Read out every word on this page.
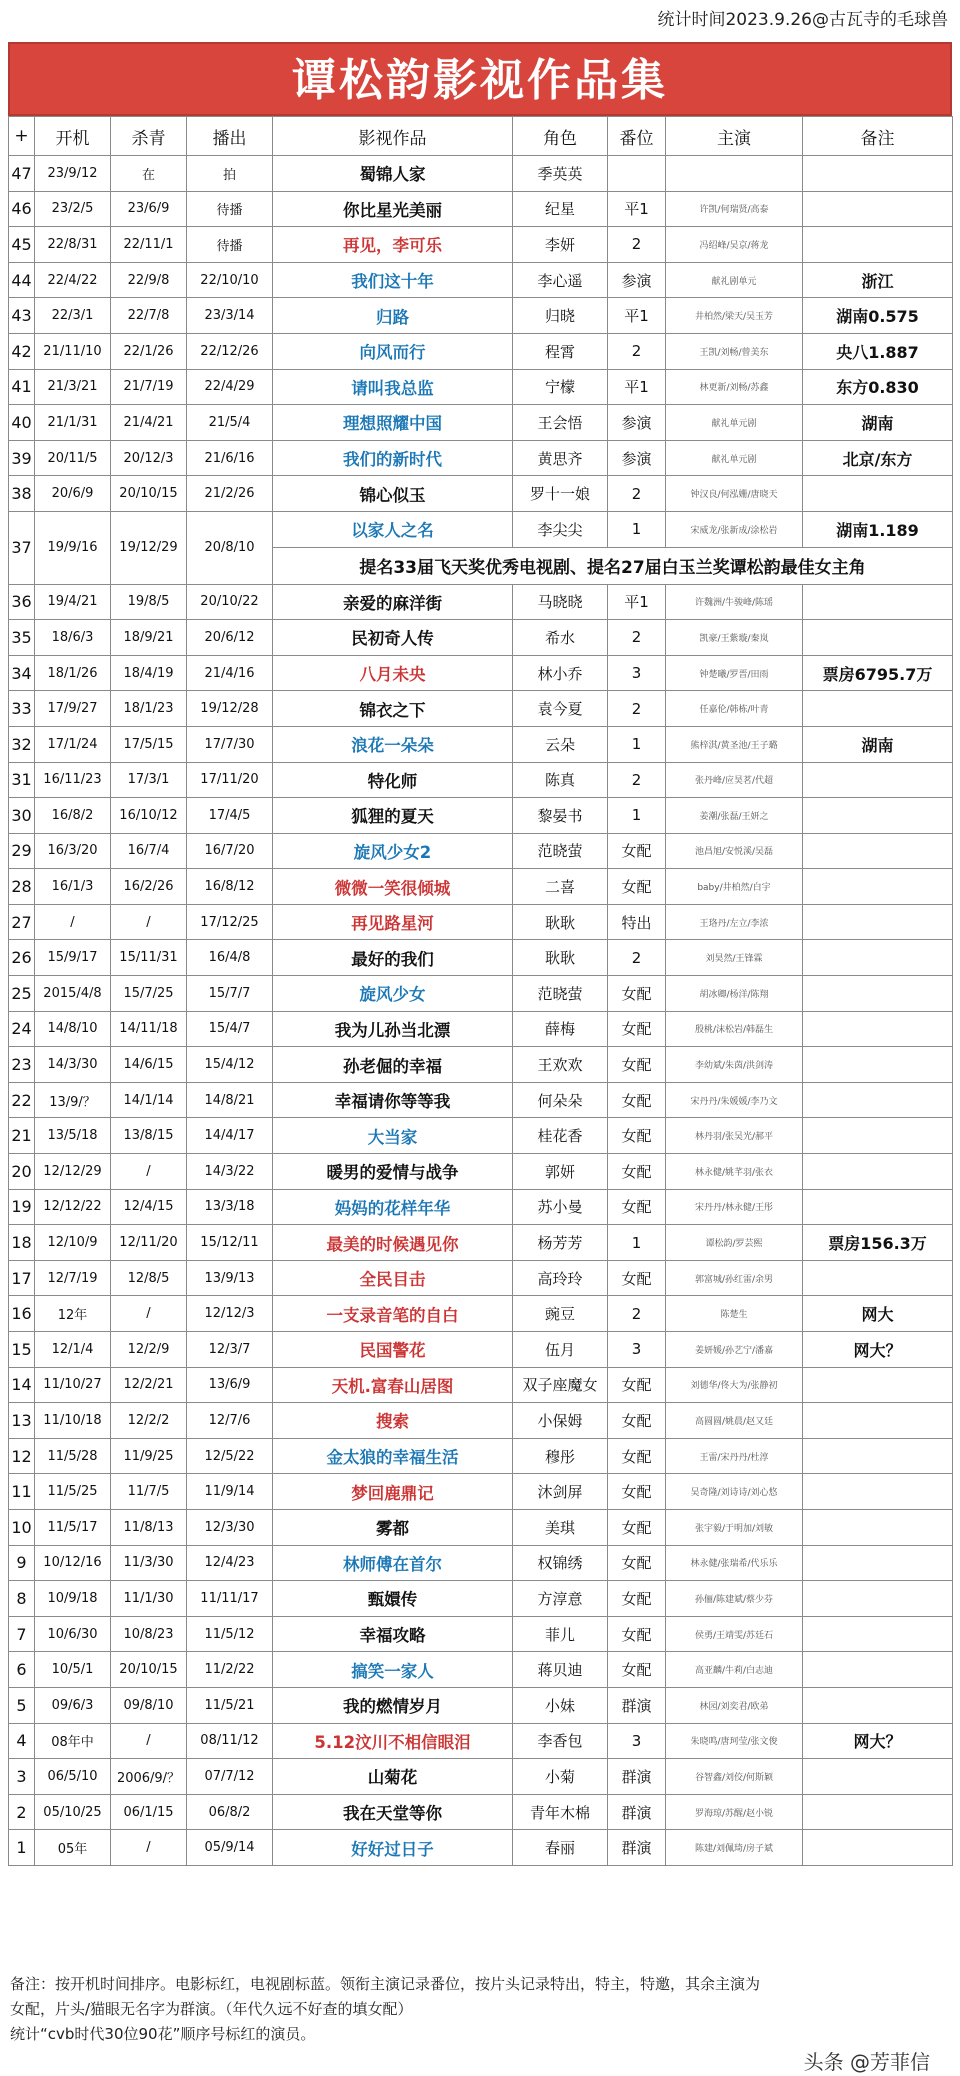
统计时间2023.9.26@古瓦寺的毛球兽
谭松韵影视作品集
+	开机	杀青	播出	影视作品	角色	番位	主演	备注
47	23/9/12	在	拍	蜀锦人家	季英英			
46	23/2/5	23/6/9	待播	你比星光美丽	纪星	平1	许凯/何瑞贤/高泰	
45	22/8/31	22/11/1	待播	再见，李可乐	李妍	2	冯绍峰/吴京/蒋龙	
44	22/4/22	22/9/8	22/10/10	我们这十年	李心遥	参演	献礼剧单元	浙江
43	22/3/1	22/7/8	23/3/14	归路	归晓	平1	井柏然/梁天/吴玉芳	湖南0.575
42	21/11/10	22/1/26	22/12/26	向风而行	程霄	2	王凯/刘畅/曾美东	央八1.887
41	21/3/21	21/7/19	22/4/29	请叫我总监	宁檬	平1	林更新/刘畅/苏鑫	东方0.830
40	21/1/31	21/4/21	21/5/4	理想照耀中国	王会悟	参演	献礼单元剧	湖南
39	20/11/5	20/12/3	21/6/16	我们的新时代	黄思齐	参演	献礼单元剧	北京/东方
38	20/6/9	20/10/15	21/2/26	锦心似玉	罗十一娘	2	钟汉良/何泓姗/唐晓天	
37	19/9/16	19/12/29	20/8/10	以家人之名	李尖尖	1	宋威龙/张新成/涂松岩	湖南1.189
				提名33届飞天奖优秀电视剧、提名27届白玉兰奖谭松韵最佳女主角				
36	19/4/21	19/8/5	20/10/22	亲爱的麻洋街	马晓晓	平1	许魏洲/牛骏峰/陈瑶	
35	18/6/3	18/9/21	20/6/12	民初奇人传	希水	2	凯豪/王紫璇/秦岚	
34	18/1/26	18/4/19	21/4/16	八月未央	林小乔	3	钟楚曦/罗晋/田雨	票房6795.7万
33	17/9/27	18/1/23	19/12/28	锦衣之下	袁今夏	2	任嘉伦/韩栋/叶青	
32	17/1/24	17/5/15	17/7/30	浪花一朵朵	云朵	1	熊梓淇/黄圣池/王子璐	湖南
31	16/11/23	17/3/1	17/11/20	特化师	陈真	2	张丹峰/应昊茗/代超	
30	16/8/2	16/10/12	17/4/5	狐狸的夏天	黎晏书	1	姜潮/张磊/王妍之	
29	16/3/20	16/7/4	16/7/20	旋风少女2	范晓萤	女配	池昌旭/安悦溪/吴磊	
28	16/1/3	16/2/26	16/8/12	微微一笑很倾城	二喜	女配	baby/井柏然/白宇	
27	/	/	17/12/25	再见路星河	耿耿	特出	王珞丹/左立/李浓	
26	15/9/17	15/11/31	16/4/8	最好的我们	耿耿	2	刘昊然/王锋霖	
25	2015/4/8	15/7/25	15/7/7	旋风少女	范晓萤	女配	胡冰卿/杨洋/陈翔	
24	14/8/10	14/11/18	15/4/7	我为儿孙当北漂	薛梅	女配	殷桃/沫松岩/韩磊生	
23	14/3/30	14/6/15	15/4/12	孙老倔的幸福	王欢欢	女配	李幼斌/朱茵/洪剑涛	
22	13/9/？	14/1/14	14/8/21	幸福请你等等我	何朵朵	女配	宋丹丹/朱媛媛/李乃文	
21	13/5/18	13/8/15	14/4/17	大当家	桂花香	女配	林丹羽/张吴光/郝平	
20	12/12/29	/	14/3/22	暖男的爱情与战争	郭妍	女配	林永健/姚芊羽/张衣	
19	12/12/22	12/4/15	13/3/18	妈妈的花样年华	苏小曼	女配	宋丹丹/林永健/王彤	
18	12/10/9	12/11/20	15/12/11	最美的时候遇见你	杨芳芳	1	谭松韵/罗芸熙	票房156.3万
17	12/7/19	12/8/5	13/9/13	全民目击	高玲玲	女配	郭富城/孙红雷/余男	
16	12年	/	12/12/3	一支录音笔的自白	豌豆	2	陈楚生	网大
15	12/1/4	12/2/9	12/3/7	民国警花	伍月	3	姜妍媛/孙艺宁/潘嘉	网大？
14	11/10/27	12/2/21	13/6/9	天机.富春山居图	双子座魔女	女配	刘德华/佟大为/张静初	
13	11/10/18	12/2/2	12/7/6	搜索	小保姆	女配	高圆圆/姚晨/赵又廷	
12	11/5/28	11/9/25	12/5/22	金太狼的幸福生活	穆彤	女配	王雷/宋丹丹/杜淳	
11	11/5/25	11/7/5	11/9/14	梦回鹿鼎记	沐剑屏	女配	吴奇隆/刘诗诗/刘心悠	
10	11/5/17	11/8/13	12/3/30	雾都	美琪	女配	张宇毅/于明加/刘敏	
9	10/12/16	11/3/30	12/4/23	林师傅在首尔	权锦绣	女配	林永健/张瑞希/代乐乐	
8	10/9/18	11/1/30	11/11/17	甄嬛传	方淳意	女配	孙俪/陈建斌/蔡少芬	
7	10/6/30	10/8/23	11/5/12	幸福攻略	菲儿	女配	侯勇/王靖雯/苏廷石	
6	10/5/1	20/10/15	11/2/22	搞笑一家人	蒋贝迪	女配	高亚麟/牛莉/白志迪	
5	09/6/3	09/8/10	11/5/21	我的燃情岁月	小妹	群演	林园/刘奕君/欧弟	
4	08年中	/	08/11/12	5.12汶川不相信眼泪	李香包	3	朱晓鸣/唐珂莹/张文俊	网大？
3	06/5/10	2006/9/？	07/7/12	山菊花	小菊	群演	谷智鑫/刘佼/何斯颖	
2	05/10/25	06/1/15	06/8/2	我在天堂等你	青年木棉	群演	罗海琼/苏醒/赵小锐	
1	05年	/	05/9/14	好好过日子	春丽	群演	陈建/刘佩琦/房子斌	
备注：按开机时间排序。电影标红，电视剧标蓝。领衔主演记录番位，按片头记录特出，特主，特邀，其余主演为
女配，片头/猫眼无名字为群演。（年代久远不好查的填女配）
统计“cvb时代30位90花”顺序号标红的演员。
头条 @芳菲信
